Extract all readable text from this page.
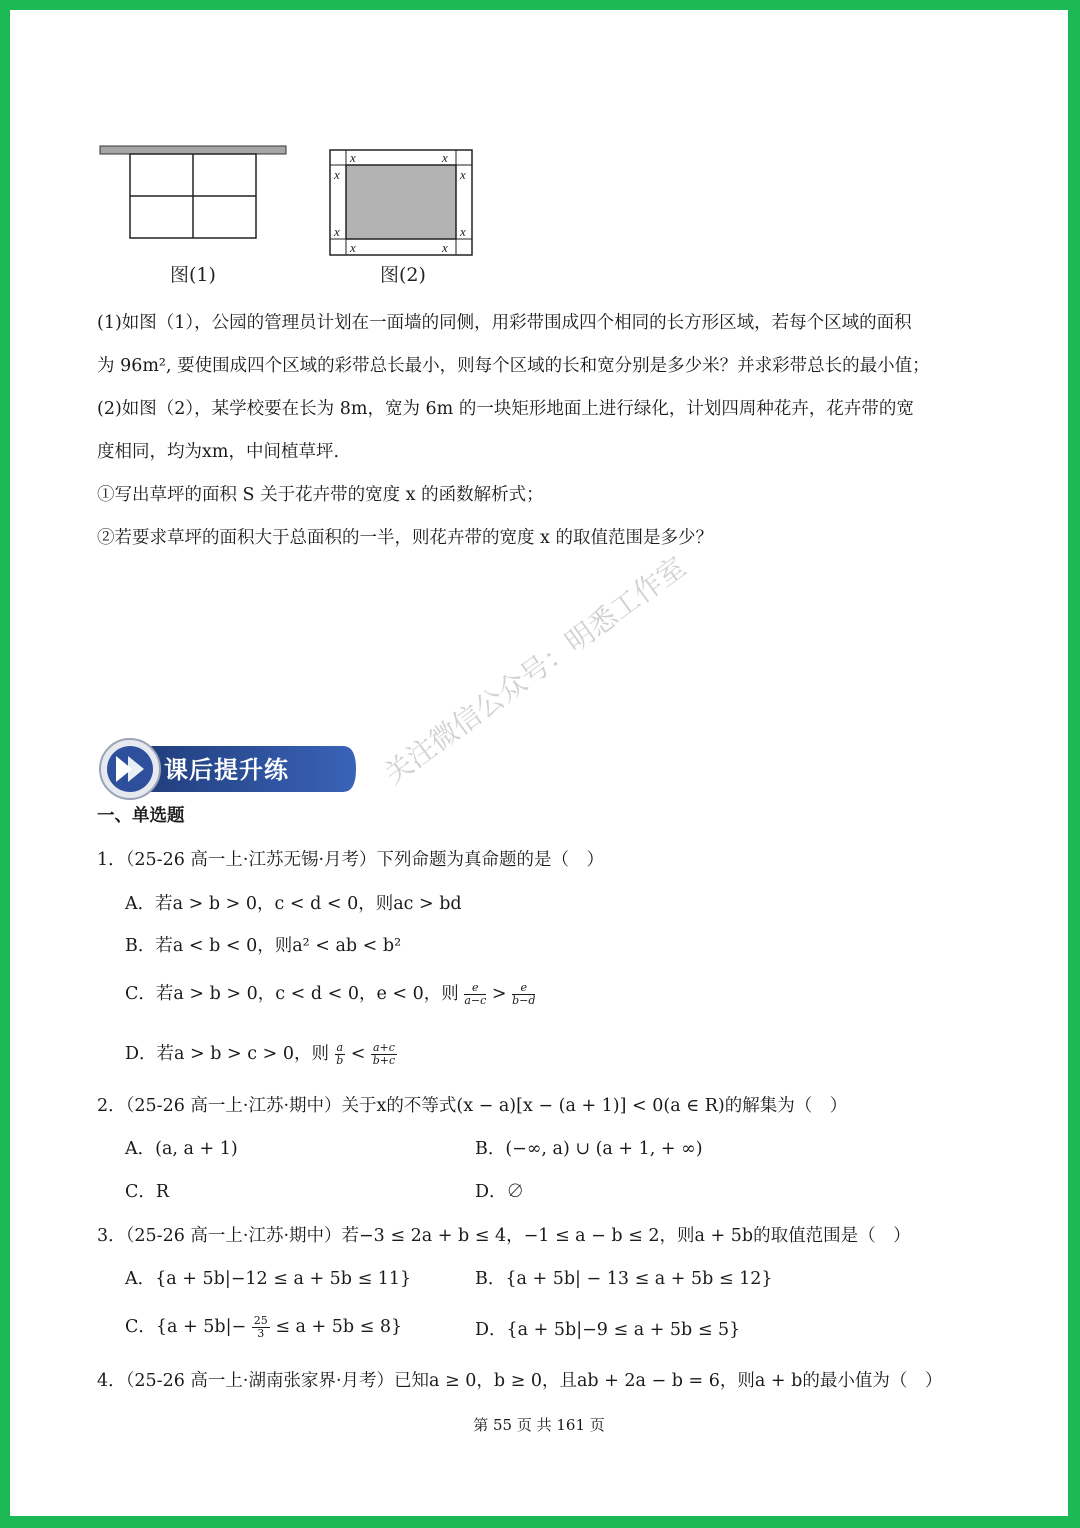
x	x
x	x
x	x
x	x
图(1)	图(2)
(1)如图（1），公园的管理员计划在一面墙的同侧，用彩带围成四个相同的长方形区域，若每个区域的面积
为 96m², 要使围成四个区域的彩带总长最小，则每个区域的长和宽分别是多少米？并求彩带总长的最小值；
(2)如图（2），某学校要在长为 8m，宽为 6m 的一块矩形地面上进行绿化，计划四周种花卉，花卉带的宽
度相同，均为xm，中间植草坪.
①写出草坪的面积 S 关于花卉带的宽度 x 的函数解析式；
②若要求草坪的面积大于总面积的一半，则花卉带的宽度 x 的取值范围是多少？
关注微信公众号：明悉工作室
课后提升练
一、单选题
1．（25-26 高一上·江苏无锡·月考）下列命题为真命题的是（　）
A．若a > b > 0，c < d < 0，则ac > bd
B．若a < b < 0，则a² < ab < b²
C．若a > b > 0，c < d < 0，e < 0，则 $\frac{e}{a-c} > \frac{e}{b-d}$
D．若a > b > c > 0，则 $\frac{a}{b} < \frac{a+c}{b+c}$
2．（25-26 高一上·江苏·期中）关于x的不等式(x − a)[x − (a + 1)] < 0(a ∈ R)的解集为（　）
A．(a, a + 1)	B．(−∞, a) ∪ (a + 1, + ∞)
C．R	D．∅
3．（25-26 高一上·江苏·期中）若−3 ≤ 2a + b ≤ 4，−1 ≤ a − b ≤ 2，则a + 5b的取值范围是（　）
A．{a + 5b|−12 ≤ a + 5b ≤ 11}	B．{a + 5b| − 13 ≤ a + 5b ≤ 12}
C．$\{a + 5b|- \frac{25}{3} \le a + 5b \le 8\}$	D．{a + 5b|−9 ≤ a + 5b ≤ 5}
4．（25-26 高一上·湖南张家界·月考）已知a ≥ 0，b ≥ 0，且ab + 2a − b = 6，则a + b的最小值为（　）
第 55 页 共 161 页
